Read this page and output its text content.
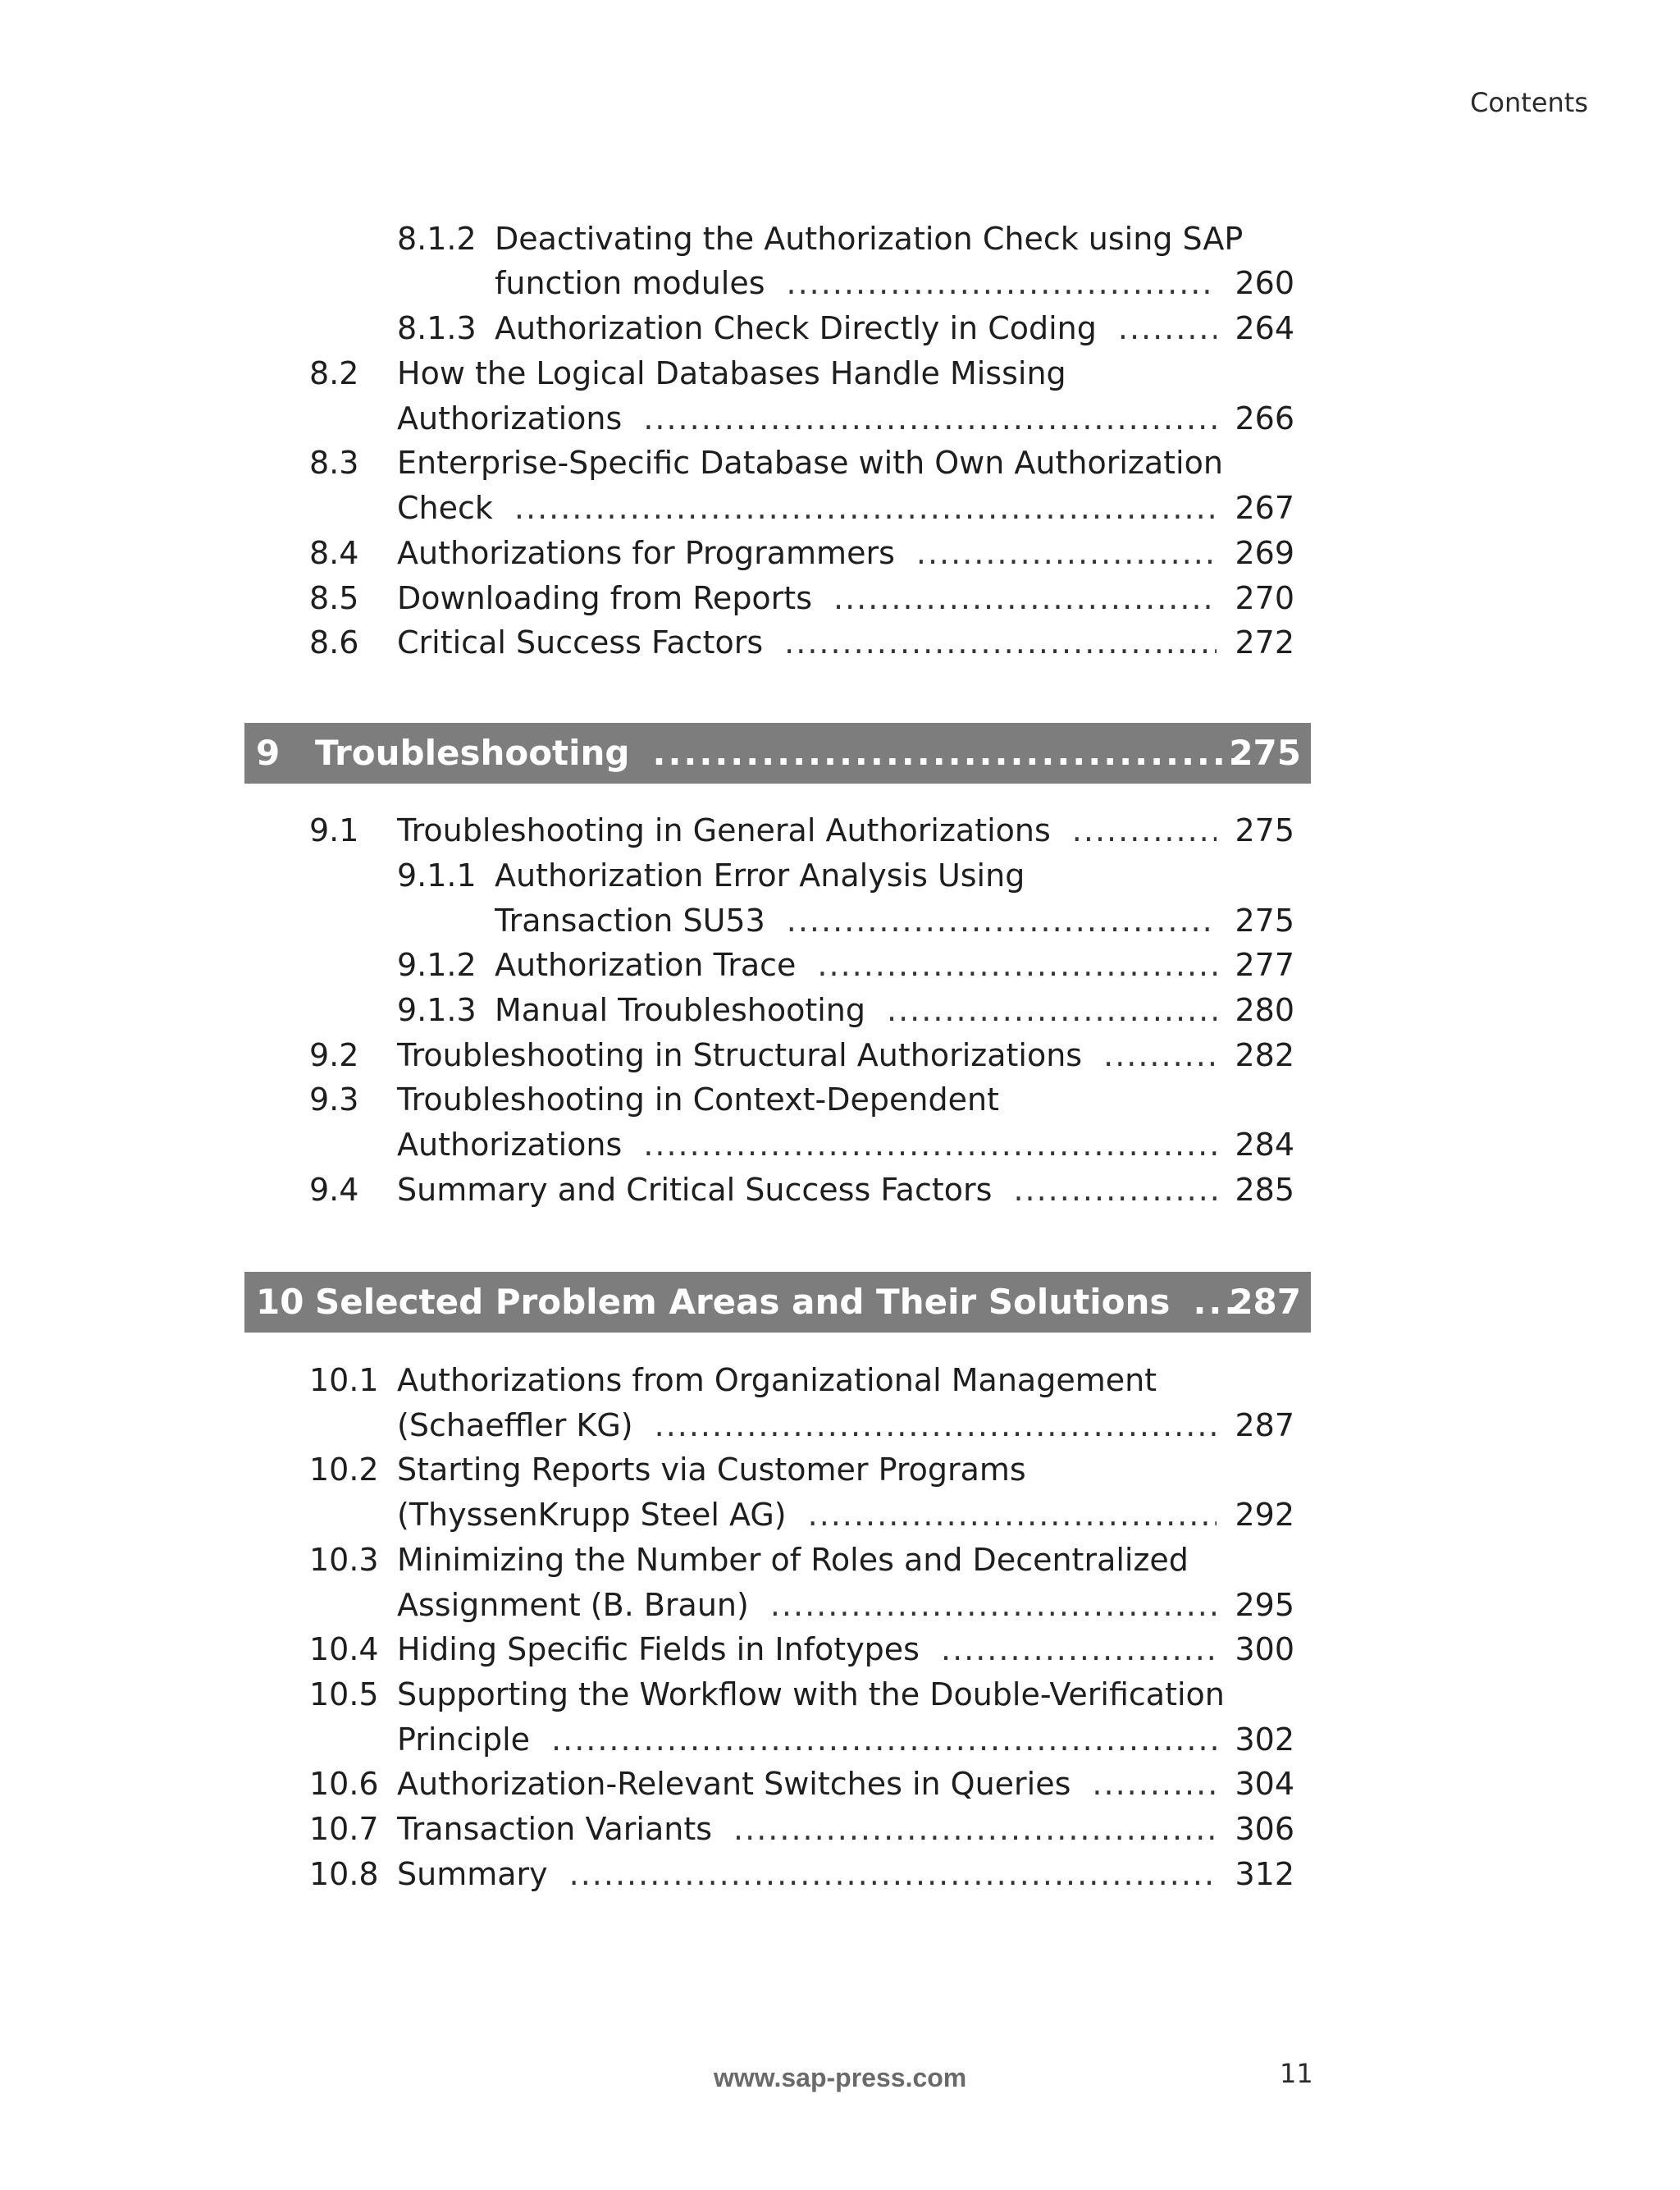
Contents
8.1.2 Deactivating the Authorization Check using SAP
function modules .....	260
8.1.3 Authorization Check Directly in Coding .....	264
8.2 How the Logical Databases Handle Missing
Authorizations .....	266
8.3 Enterprise-Specific Database with Own Authorization
Check .....	267
8.4 Authorizations for Programmers .....	269
8.5 Downloading from Reports .....	270
8.6 Critical Success Factors .....	272
9 Troubleshooting .....	275
9.1 Troubleshooting in General Authorizations .....	275
9.1.1 Authorization Error Analysis Using
Transaction SU53 .....	275
9.1.2 Authorization Trace .....	277
9.1.3 Manual Troubleshooting .....	280
9.2 Troubleshooting in Structural Authorizations .....	282
9.3 Troubleshooting in Context-Dependent
Authorizations .....	284
9.4 Summary and Critical Success Factors .....	285
10 Selected Problem Areas and Their Solutions ..... 287
10.1 Authorizations from Organizational Management
(Schaeffler KG) .....	287
10.2 Starting Reports via Customer Programs
(ThyssenKrupp Steel AG) .....	292
10.3 Minimizing the Number of Roles and Decentralized
Assignment (B. Braun) .....	295
10.4 Hiding Specific Fields in Infotypes .....	300
10.5 Supporting the Workflow with the Double-Verification
Principle .....	302
10.6 Authorization-Relevant Switches in Queries .....	304
10.7 Transaction Variants .....	306
10.8 Summary .....	312
www.sap-press.com	11
